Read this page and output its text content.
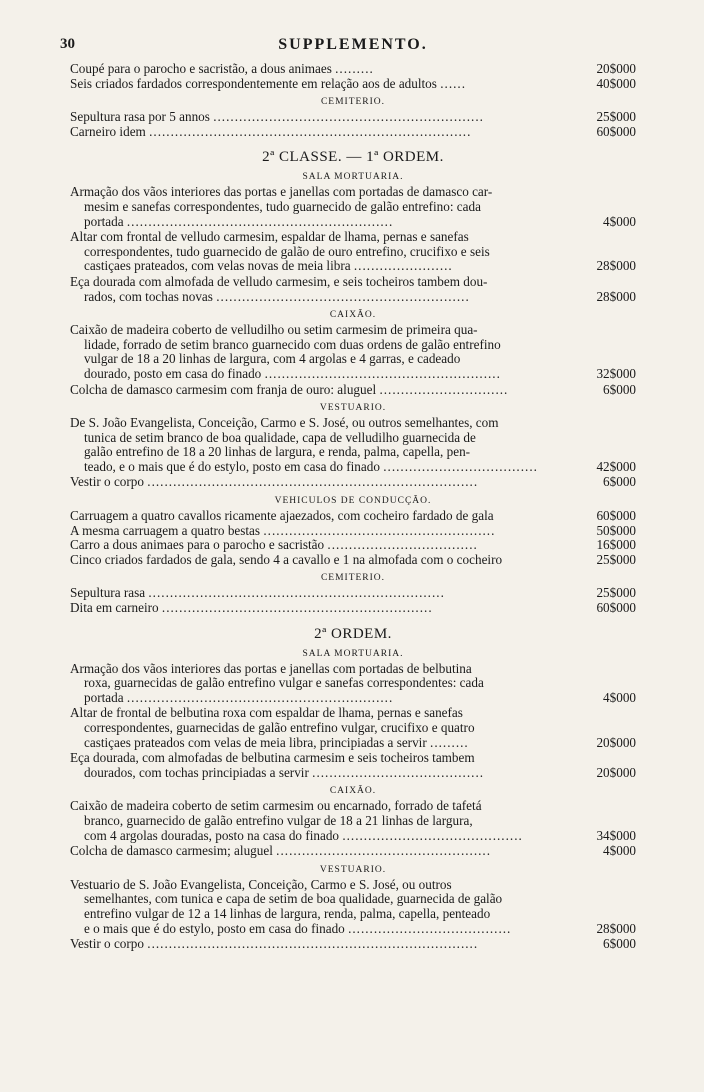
30	SUPPLEMENTO.
Coupé para o parocho e sacristão, a dous animaes .........	20$000
Seis criados fardados correspondentemente em relação aos de adultos ......	40$000
CEMITERIO.
Sepultura rasa por 5 annos ...............................................................	25$000
Carneiro idem ...........................................................................	60$000
2ª CLASSE. — 1ª ORDEM.
SALA MORTUARIA.
Armação dos vãos interiores das portas e janellas com portadas de damasco car-
mesim e sanefas correspondentes, tudo guarnecido de galão entrefino: cada
portada ..............................................................	4$000
Altar com frontal de velludo carmesim, espaldar de lhama, pernas e sanefas
correspondentes, tudo guarnecido de galão de ouro entrefino, crucifixo e seis
castiçaes prateados, com velas novas de meia libra .......................	28$000
Eça dourada com almofada de velludo carmesim, e seis tocheiros tambem dou-
rados, com tochas novas ...........................................................	28$000
CAIXÃO.
Caixão de madeira coberto de velludilho ou setim carmesim de primeira qua-
lidade, forrado de setim branco guarnecido com duas ordens de galão entrefino
vulgar de 18 a 20 linhas de largura, com 4 argolas e 4 garras, e cadeado
dourado, posto em casa do finado .......................................................	32$000
Colcha de damasco carmesim com franja de ouro: aluguel ..............................	6$000
VESTUARIO.
De S. João Evangelista, Conceição, Carmo e S. José, ou outros semelhantes, com
tunica de setim branco de boa qualidade, capa de velludilho guarnecida de
galão entrefino de 18 a 20 linhas de largura, e renda, palma, capella, pen-
teado, e o mais que é do estylo, posto em casa do finado ....................................	42$000
Vestir o corpo .............................................................................	6$000
VEHICULOS DE CONDUCÇÃO.
Carruagem a quatro cavallos ricamente ajaezados, com cocheiro fardado de gala	60$000
A mesma carruagem a quatro bestas ......................................................	50$000
Carro a dous animaes para o parocho e sacristão ...................................	16$000
Cinco criados fardados de gala, sendo 4 a cavallo e 1 na almofada com o cocheiro	25$000
CEMITERIO.
Sepultura rasa .....................................................................	25$000
Dita em carneiro ...............................................................	60$000
2ª ORDEM.
SALA MORTUARIA.
Armação dos vãos interiores das portas e janellas com portadas de belbutina
roxa, guarnecidas de galão entrefino vulgar e sanefas correspondentes: cada
portada ..............................................................	4$000
Altar de frontal de belbutina roxa com espaldar de lhama, pernas e sanefas
correspondentes, guarnecidas de galão entrefino vulgar, crucifixo e quatro
castiçaes prateados com velas de meia libra, principiadas a servir .........	20$000
Eça dourada, com almofadas de belbutina carmesim e seis tocheiros tambem
dourados, com tochas principiadas a servir ........................................	20$000
CAIXÃO.
Caixão de madeira coberto de setim carmesim ou encarnado, forrado de tafetá
branco, guarnecido de galão entrefino vulgar de 18 a 21 linhas de largura,
com 4 argolas douradas, posto na casa do finado ..........................................	34$000
Colcha de damasco carmesim; aluguel ..................................................	4$000
VESTUARIO.
Vestuario de S. João Evangelista, Conceição, Carmo e S. José, ou outros
semelhantes, com tunica e capa de setim de boa qualidade, guarnecida de galão
entrefino vulgar de 12 a 14 linhas de largura, renda, palma, capella, penteado
e o mais que é do estylo, posto em casa do finado ......................................	28$000
Vestir o corpo .............................................................................	6$000
